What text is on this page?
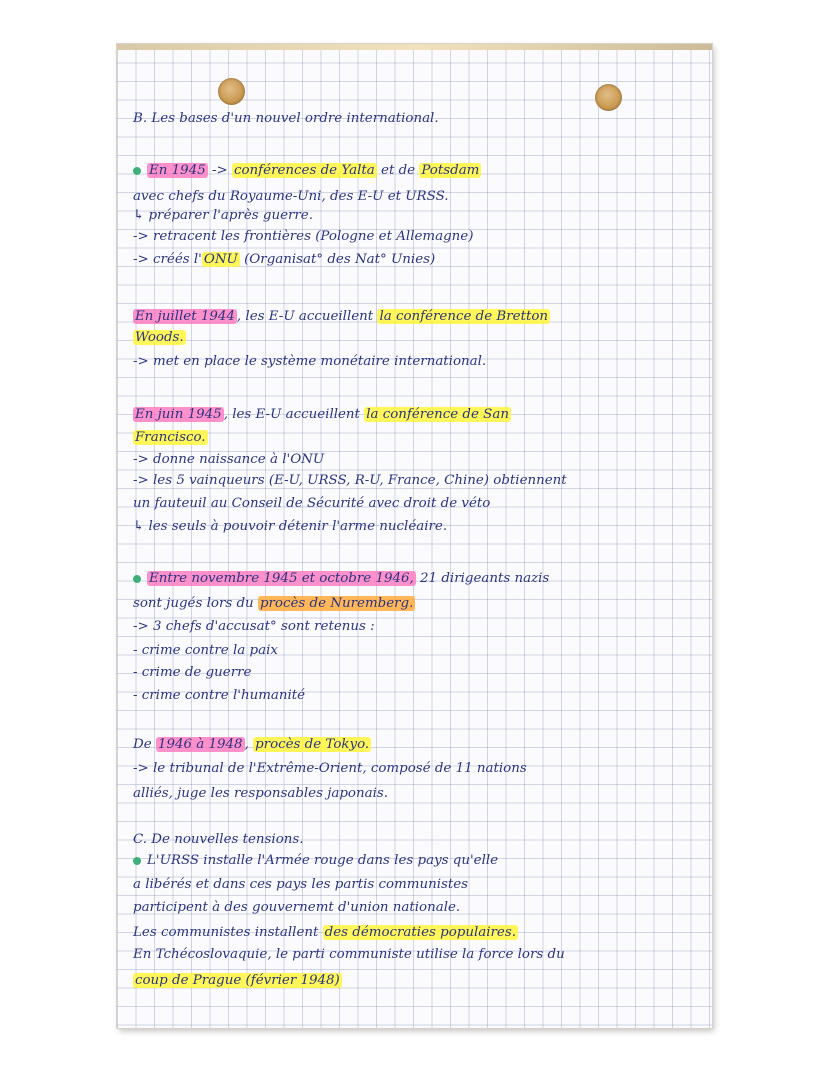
B. Les bases d'un nouvel ordre international.
En 1945 -> conférences de Yalta et de Potsdam
avec chefs du Royaume-Uni, des E-U et URSS.
↳ préparer l'après guerre.
-> retracent les frontières (Pologne et Allemagne)
-> créés l' ONU (Organisat° des Nat° Unies)
En juillet 1944 , les E-U accueillent la conférence de Bretton
Woods.
-> met en place le système monétaire international.
En juin 1945 , les E-U accueillent la conférence de San
Francisco.
-> donne naissance à l'ONU
-> les 5 vainqueurs (E-U, URSS, R-U, France, Chine) obtiennent
un fauteuil au Conseil de Sécurité avec droit de véto
↳ les seuls à pouvoir détenir l'arme nucléaire.
Entre novembre 1945 et octobre 1946, 21 dirigeants nazis
sont jugés lors du procès de Nuremberg.
-> 3 chefs d'accusat° sont retenus :
- crime contre la paix
- crime de guerre
- crime contre l'humanité
De 1946 à 1948 , procès de Tokyo.
-> le tribunal de l'Extrême-Orient, composé de 11 nations
alliés, juge les responsables japonais.
C. De nouvelles tensions.
L'URSS installe l'Armée rouge dans les pays qu'elle
a libérés et dans ces pays les partis communistes
participent à des gouvernemt d'union nationale.
Les communistes installent des démocraties populaires.
En Tchécoslovaquie, le parti communiste utilise la force lors du
coup de Prague (février 1948)
